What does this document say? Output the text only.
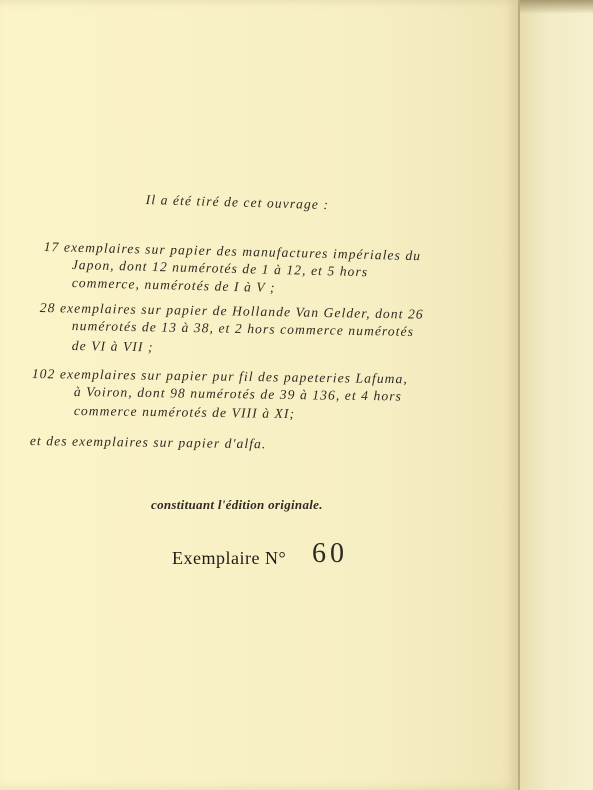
Il a été tiré de cet ouvrage :
17 exemplaires sur papier des manufactures impériales du
Japon, dont 12 numérotés de 1 à 12, et 5 hors
commerce, numérotés de I à V ;
28 exemplaires sur papier de Hollande Van Gelder, dont 26
numérotés de 13 à 38, et 2 hors commerce numérotés
de VI à VII ;
102 exemplaires sur papier pur fil des papeteries Lafuma,
à Voiron, dont 98 numérotés de 39 à 136, et 4 hors
commerce numérotés de VIII à XI;
et des exemplaires sur papier d'alfa.
constituant l'édition originale.
Exemplaire N° 60
